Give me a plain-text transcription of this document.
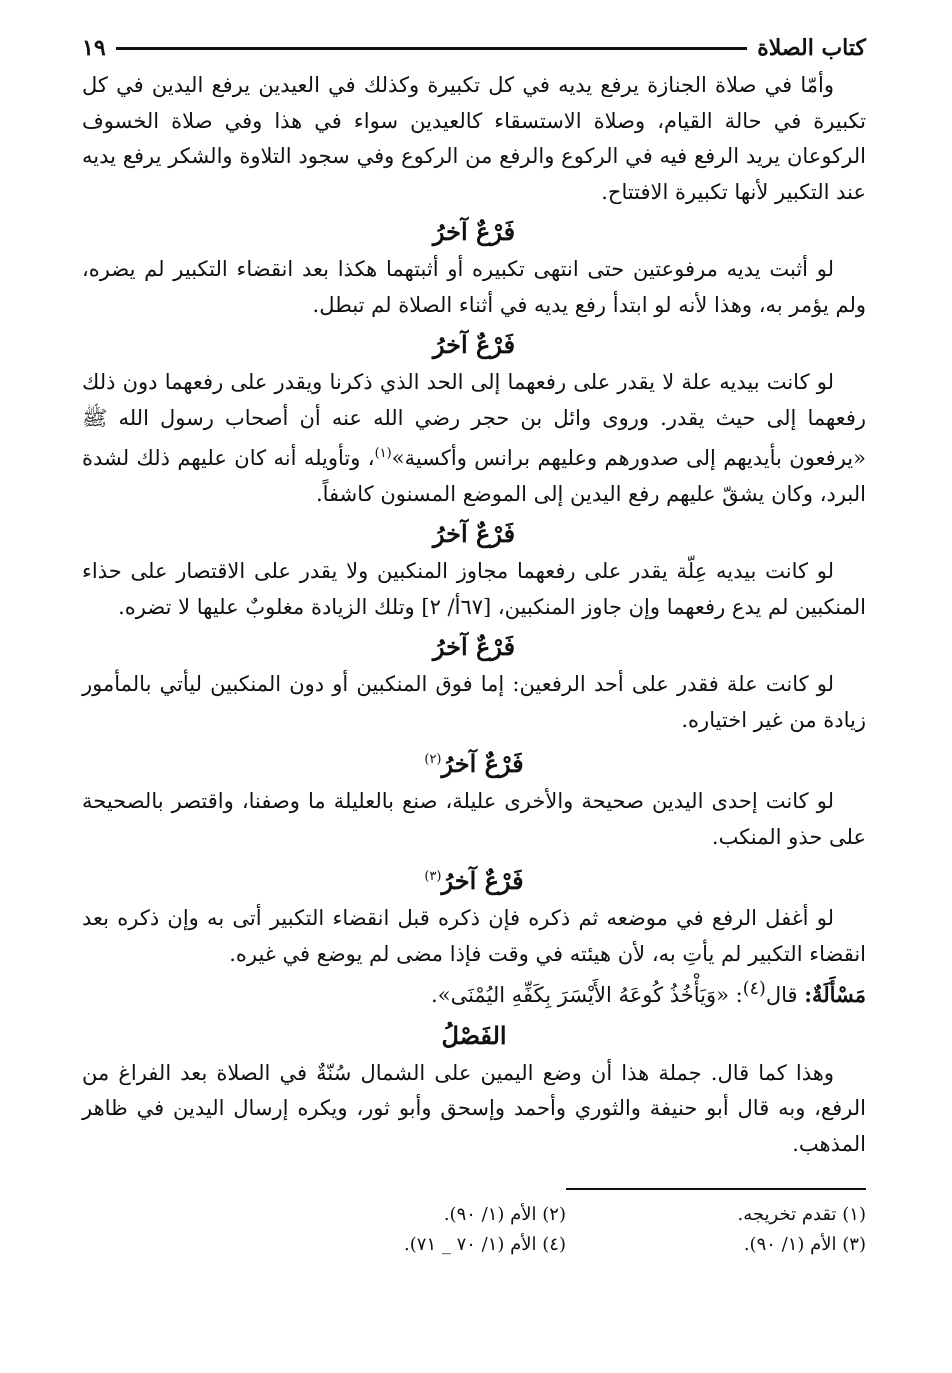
كتاب الصلاة
١٩

وأمّا في صلاة الجنازة يرفع يديه في كل تكبيرة وكذلك في العيدين يرفع اليدين في كل تكبيرة في حالة القيام، وصلاة الاستسقاء كالعيدين سواء في هذا وفي صلاة الخسوف الركوعان يريد الرفع فيه في الركوع والرفع من الركوع وفي سجود التلاوة والشكر يرفع يديه عند التكبير لأنها تكبيرة الافتتاح.

فَرْعٌ آخرُ

لو أثبت يديه مرفوعتين حتى انتهى تكبيره أو أثبتهما هكذا بعد انقضاء التكبير لم يضره، ولم يؤمر به، وهذا لأنه لو ابتدأ رفع يديه في أثناء الصلاة لم تبطل.

فَرْعٌ آخرُ

لو كانت بيديه علة لا يقدر على رفعهما إلى الحد الذي ذكرنا ويقدر على رفعهما دون ذلك رفعهما إلى حيث يقدر. وروى وائل بن حجر رضي الله عنه أن أصحاب رسول الله ﷺ «يرفعون بأيديهم إلى صدورهم وعليهم برانس وأكسية»$^{(١)}$، وتأويله أنه كان عليهم ذلك لشدة البرد، وكان يشقّ عليهم رفع اليدين إلى الموضع المسنون كاشفاً.

فَرْعٌ آخرُ

لو كانت بيديه عِلّة يقدر على رفعهما مجاوز المنكبين ولا يقدر على الاقتصار على حذاء المنكبين لم يدع رفعهما وإن جاوز المنكبين، [٦٧أ/ ٢] وتلك الزيادة مغلوبٌ عليها لا تضره.

فَرْعٌ آخرُ

لو كانت علة فقدر على أحد الرفعين: إما فوق المنكبين أو دون المنكبين ليأتي بالمأمور زيادة من غير اختياره.

فَرْعٌ آخرُ$^{(٢)}$

لو كانت إحدى اليدين صحيحة والأخرى عليلة، صنع بالعليلة ما وصفنا، واقتصر بالصحيحة على حذو المنكب.

فَرْعٌ آخرُ$^{(٣)}$

لو أغفل الرفع في موضعه ثم ذكره فإن ذكره قبل انقضاء التكبير أتى به وإن ذكره بعد انقضاء التكبير لم يأتِ به، لأن هيئته في وقت فإذا مضى لم يوضع في غيره.

مَسْأَلَةٌ: قال$^{(٤)}$: «وَيَأْخُذُ كُوعَهُ الأَيْسَرَ بِكَفِّهِ اليُمْنَى».

الفَصْلُ

وهذا كما قال. جملة هذا أن وضع اليمين على الشمال سُنّةٌ في الصلاة بعد الفراغ من الرفع، وبه قال أبو حنيفة والثوري وأحمد وإسحق وأبو ثور، ويكره إرسال اليدين في ظاهر المذهب.

(١) تقدم تخريجه.
(٢) الأم (١/ ٩٠).
(٣) الأم (١/ ٩٠).
(٤) الأم (١/ ٧٠ _ ٧١).
